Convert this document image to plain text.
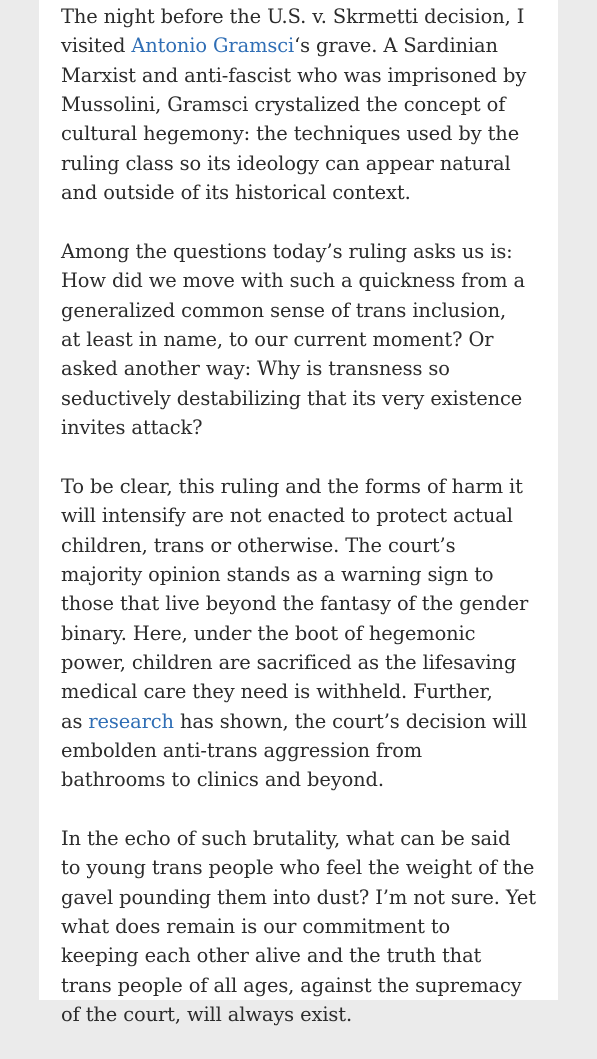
The night before the U.S. v. Skrmetti decision, I
visited Antonio Gramsci‘s grave. A Sardinian
Marxist and anti-fascist who was imprisoned by
Mussolini, Gramsci crystalized the concept of
cultural hegemony: the techniques used by the
ruling class so its ideology can appear natural
and outside of its historical context.

Among the questions today’s ruling asks us is:
How did we move with such a quickness from a
generalized common sense of trans inclusion,
at least in name, to our current moment? Or
asked another way: Why is transness so
seductively destabilizing that its very existence
invites attack?

To be clear, this ruling and the forms of harm it
will intensify are not enacted to protect actual
children, trans or otherwise. The court’s
majority opinion stands as a warning sign to
those that live beyond the fantasy of the gender
binary. Here, under the boot of hegemonic
power, children are sacrificed as the lifesaving
medical care they need is withheld. Further,
as research has shown, the court’s decision will
embolden anti-trans aggression from
bathrooms to clinics and beyond.

In the echo of such brutality, what can be said
to young trans people who feel the weight of the
gavel pounding them into dust? I’m not sure. Yet
what does remain is our commitment to
keeping each other alive and the truth that
trans people of all ages, against the supremacy
of the court, will always exist.
